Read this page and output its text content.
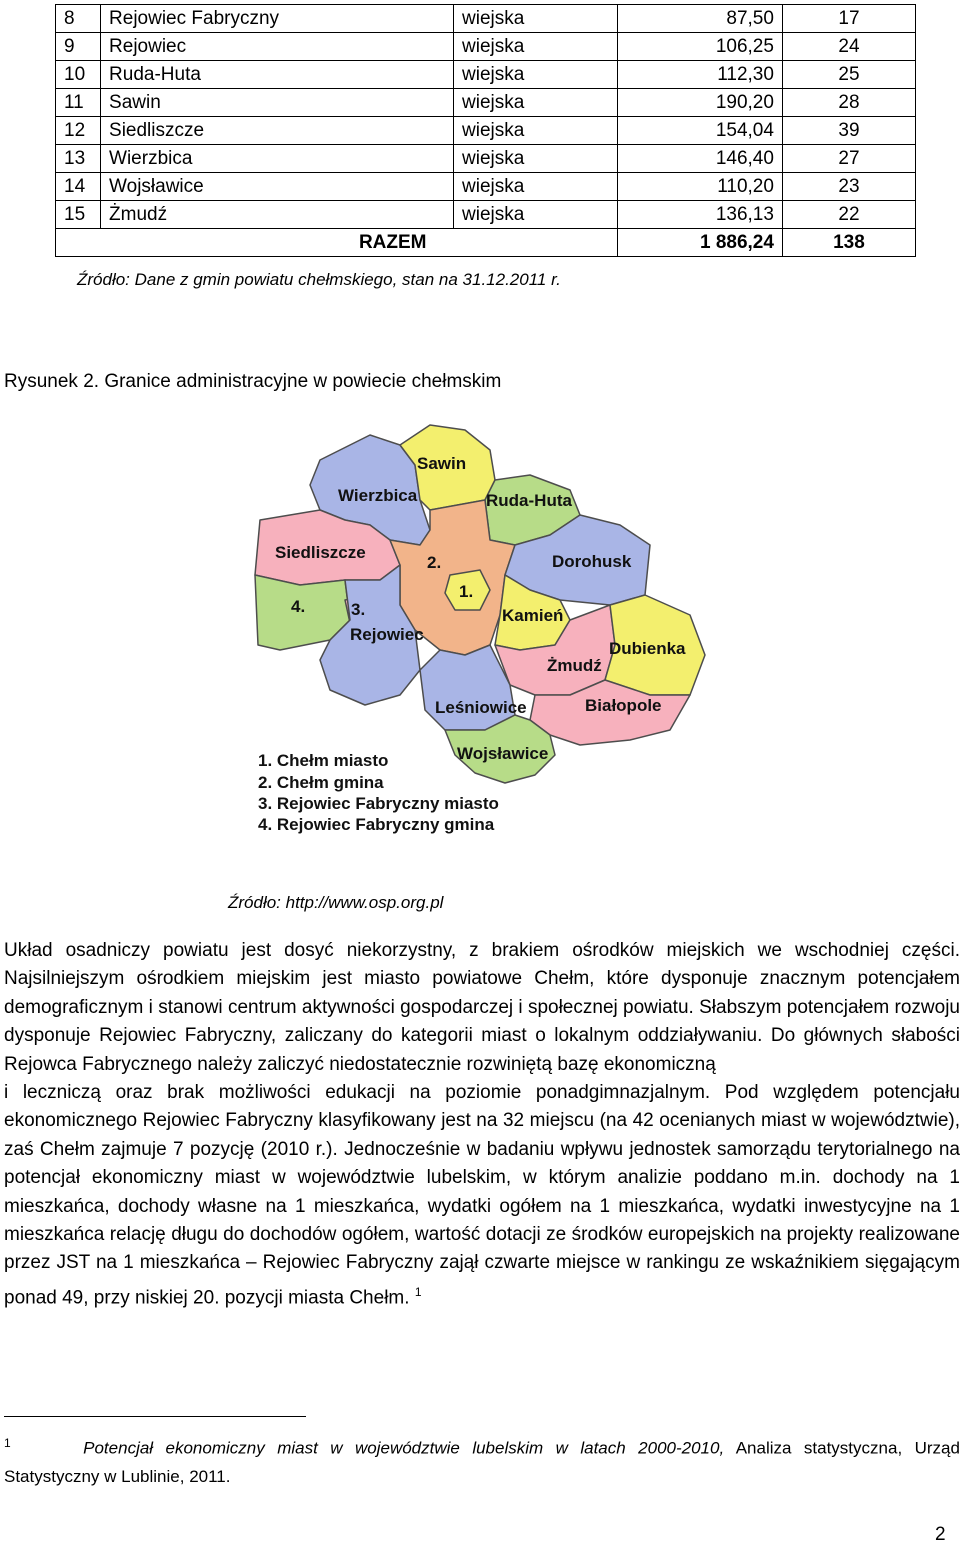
8	Rejowiec Fabryczny	wiejska	87,50	17
9	Rejowiec	wiejska	106,25	24
10	Ruda-Huta	wiejska	112,30	25
11	Sawin	wiejska	190,20	28
12	Siedliszcze	wiejska	154,04	39
13	Wierzbica	wiejska	146,40	27
14	Wojsławice	wiejska	110,20	23
15	Żmudź	wiejska	136,13	22
RAZEM			1 886,24	138
Źródło: Dane z gmin powiatu chełmskiego, stan na 31.12.2011 r.
Rysunek 2. Granice administracyjne w powiecie chełmskim
Sawin
Wierzbica	Ruda-Huta
Siedliszcze	Dorohusk
2.
1.
Kamień
4.	3.
Rejowiec
Dubienka
Żmudź
Białopole
Leśniowice
Wojsławice
1. Chełm miasto
2. Chełm gmina
3. Rejowiec Fabryczny miasto
4. Rejowiec Fabryczny gmina
Źródło: http://www.osp.org.pl

Układ osadniczy powiatu jest dosyć niekorzystny, z brakiem ośrodków miejskich we wschodniej części. Najsilniejszym ośrodkiem miejskim jest miasto powiatowe Chełm, które dysponuje znacznym potencjałem demograficznym i stanowi centrum aktywności gospodarczej i społecznej powiatu. Słabszym potencjałem rozwoju dysponuje Rejowiec Fabryczny, zaliczany do kategorii miast o lokalnym oddziaływaniu. Do głównych słabości Rejowca Fabrycznego należy zaliczyć niedostatecznie rozwiniętą bazę ekonomiczną

i leczniczą oraz brak możliwości edukacji na poziomie ponadgimnazjalnym. Pod względem potencjału ekonomicznego Rejowiec Fabryczny klasyfikowany jest na 32 miejscu (na 42 ocenianych miast w województwie), zaś Chełm zajmuje 7 pozycję (2010 r.). Jednocześnie w badaniu wpływu jednostek samorządu terytorialnego na potencjał ekonomiczny miast w województwie lubelskim, w którym analizie poddano m.in. dochody na 1 mieszkańca, dochody własne na 1 mieszkańca, wydatki ogółem na 1 mieszkańca, wydatki inwestycyjne na 1 mieszkańca relację długu do dochodów ogółem, wartość dotacji ze środków europejskich na projekty realizowane przez JST na 1 mieszkańca – Rejowiec Fabryczny zajął czwarte miejsce w rankingu ze wskaźnikiem sięgającym ponad 49, przy niskiej 20. pozycji miasta Chełm. $^1$

$^1$	Potencjał ekonomiczny miast w województwie lubelskim w latach 2000-2010, Analiza statystyczna, Urząd Statystyczny w Lublinie, 2011.
2
